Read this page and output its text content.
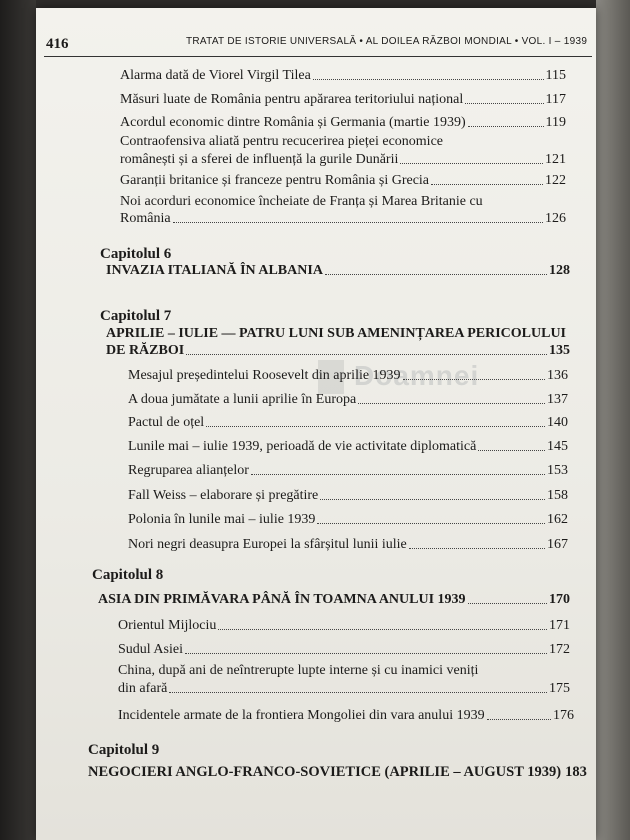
416	TRATAT DE ISTORIE UNIVERSALĂ • AL DOILEA RĂZBOI MONDIAL • VOL. I – 1939
Doamnei
Alarma dată de Viorel Virgil Tilea	115
Măsuri luate de România pentru apărarea teritoriului național	117
Acordul economic dintre România și Germania (martie 1939)	119
Contraofensiva aliată pentru recucerirea pieței economice
românești și a sferei de influență la gurile Dunării	121
Garanții britanice și franceze pentru România și Grecia	122
Noi acorduri economice încheiate de Franța și Marea Britanie cu
România	126
Capitolul 6
INVAZIA ITALIANĂ ÎN ALBANIA	128
Capitolul 7
APRILIE – IULIE — PATRU LUNI SUB AMENINȚAREA PERICOLULUI
DE RĂZBOI	135
Mesajul președintelui Roosevelt din aprilie 1939	136
A doua jumătate a lunii aprilie în Europa	137
Pactul de oțel	140
Lunile mai – iulie 1939, perioadă de vie activitate diplomatică	145
Regruparea alianțelor	153
Fall Weiss – elaborare și pregătire	158
Polonia în lunile mai – iulie 1939	162
Nori negri deasupra Europei la sfârșitul lunii iulie	167
Capitolul 8
ASIA DIN PRIMĂVARA PÂNĂ ÎN TOAMNA ANULUI 1939	170
Orientul Mijlociu	171
Sudul Asiei	172
China, după ani de neîntrerupte lupte interne și cu inamici veniți
din afară	175
Incidentele armate de la frontiera Mongoliei din vara anului 1939	176
Capitolul 9
NEGOCIERI ANGLO-FRANCO-SOVIETICE (APRILIE – AUGUST 1939) 183
